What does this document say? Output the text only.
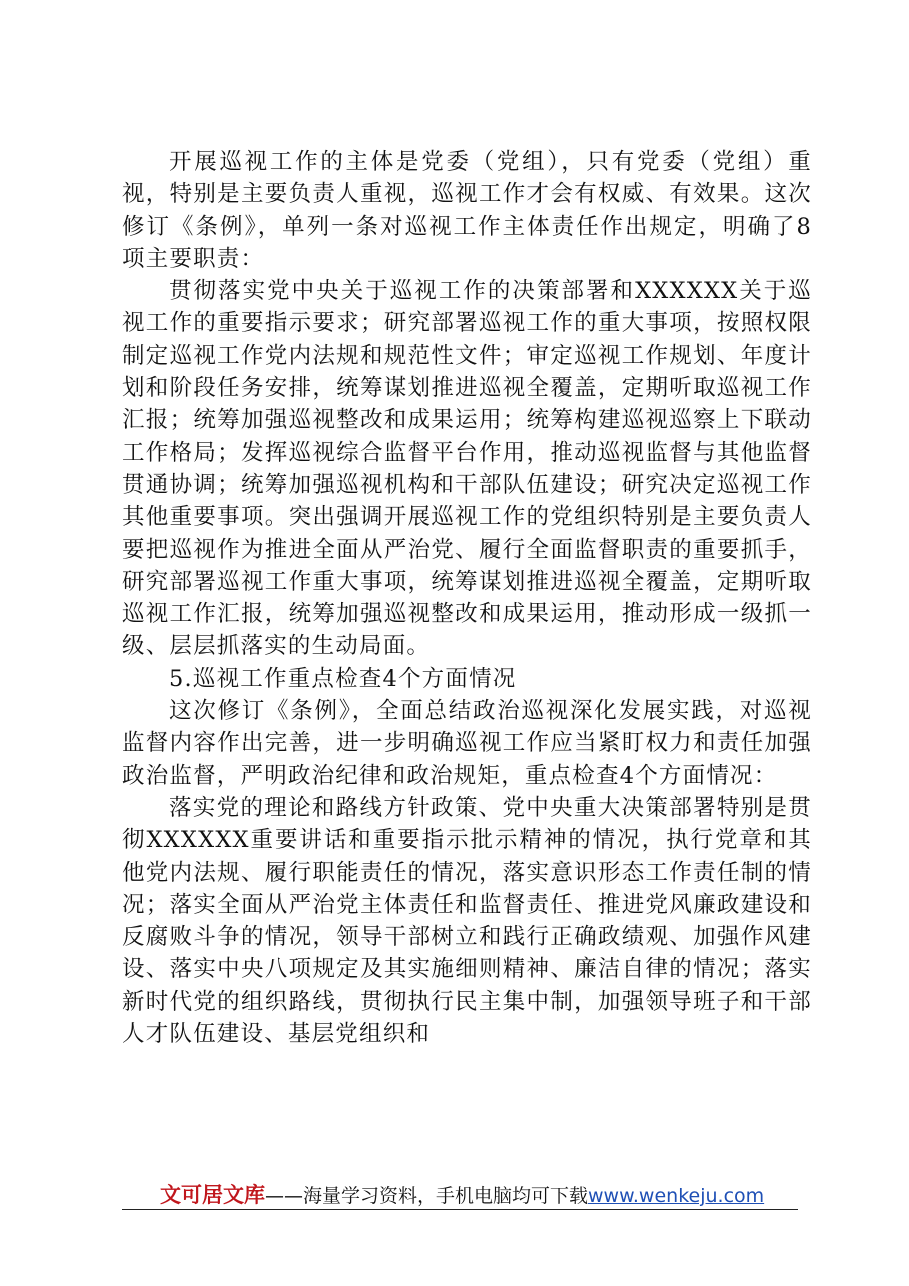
开展巡视工作的主体是党委（党组），只有党委（党组）重视，特别是主要负责人重视，巡视工作才会有权威、有效果。这次修订《条例》，单列一条对巡视工作主体责任作出规定，明确了8项主要职责：

贯彻落实党中央关于巡视工作的决策部署和XXXXXX关于巡视工作的重要指示要求；研究部署巡视工作的重大事项，按照权限制定巡视工作党内法规和规范性文件；审定巡视工作规划、年度计划和阶段任务安排，统筹谋划推进巡视全覆盖，定期听取巡视工作汇报；统筹加强巡视整改和成果运用；统筹构建巡视巡察上下联动工作格局；发挥巡视综合监督平台作用，推动巡视监督与其他监督贯通协调；统筹加强巡视机构和干部队伍建设；研究决定巡视工作其他重要事项。突出强调开展巡视工作的党组织特别是主要负责人要把巡视作为推进全面从严治党、履行全面监督职责的重要抓手，研究部署巡视工作重大事项，统筹谋划推进巡视全覆盖，定期听取巡视工作汇报，统筹加强巡视整改和成果运用，推动形成一级抓一级、层层抓落实的生动局面。

5.巡视工作重点检查4个方面情况

这次修订《条例》，全面总结政治巡视深化发展实践，对巡视监督内容作出完善，进一步明确巡视工作应当紧盯权力和责任加强政治监督，严明政治纪律和政治规矩，重点检查4个方面情况：

落实党的理论和路线方针政策、党中央重大决策部署特别是贯彻XXXXXX重要讲话和重要指示批示精神的情况，执行党章和其他党内法规、履行职能责任的情况，落实意识形态工作责任制的情况；落实全面从严治党主体责任和监督责任、推进党风廉政建设和反腐败斗争的情况，领导干部树立和践行正确政绩观、加强作风建设、落实中央八项规定及其实施细则精神、廉洁自律的情况；落实新时代党的组织路线，贯彻执行民主集中制，加强领导班子和干部人才队伍建设、基层党组织和

文可居文库——海量学习资料，手机电脑均可下载www.wenkeju.com
